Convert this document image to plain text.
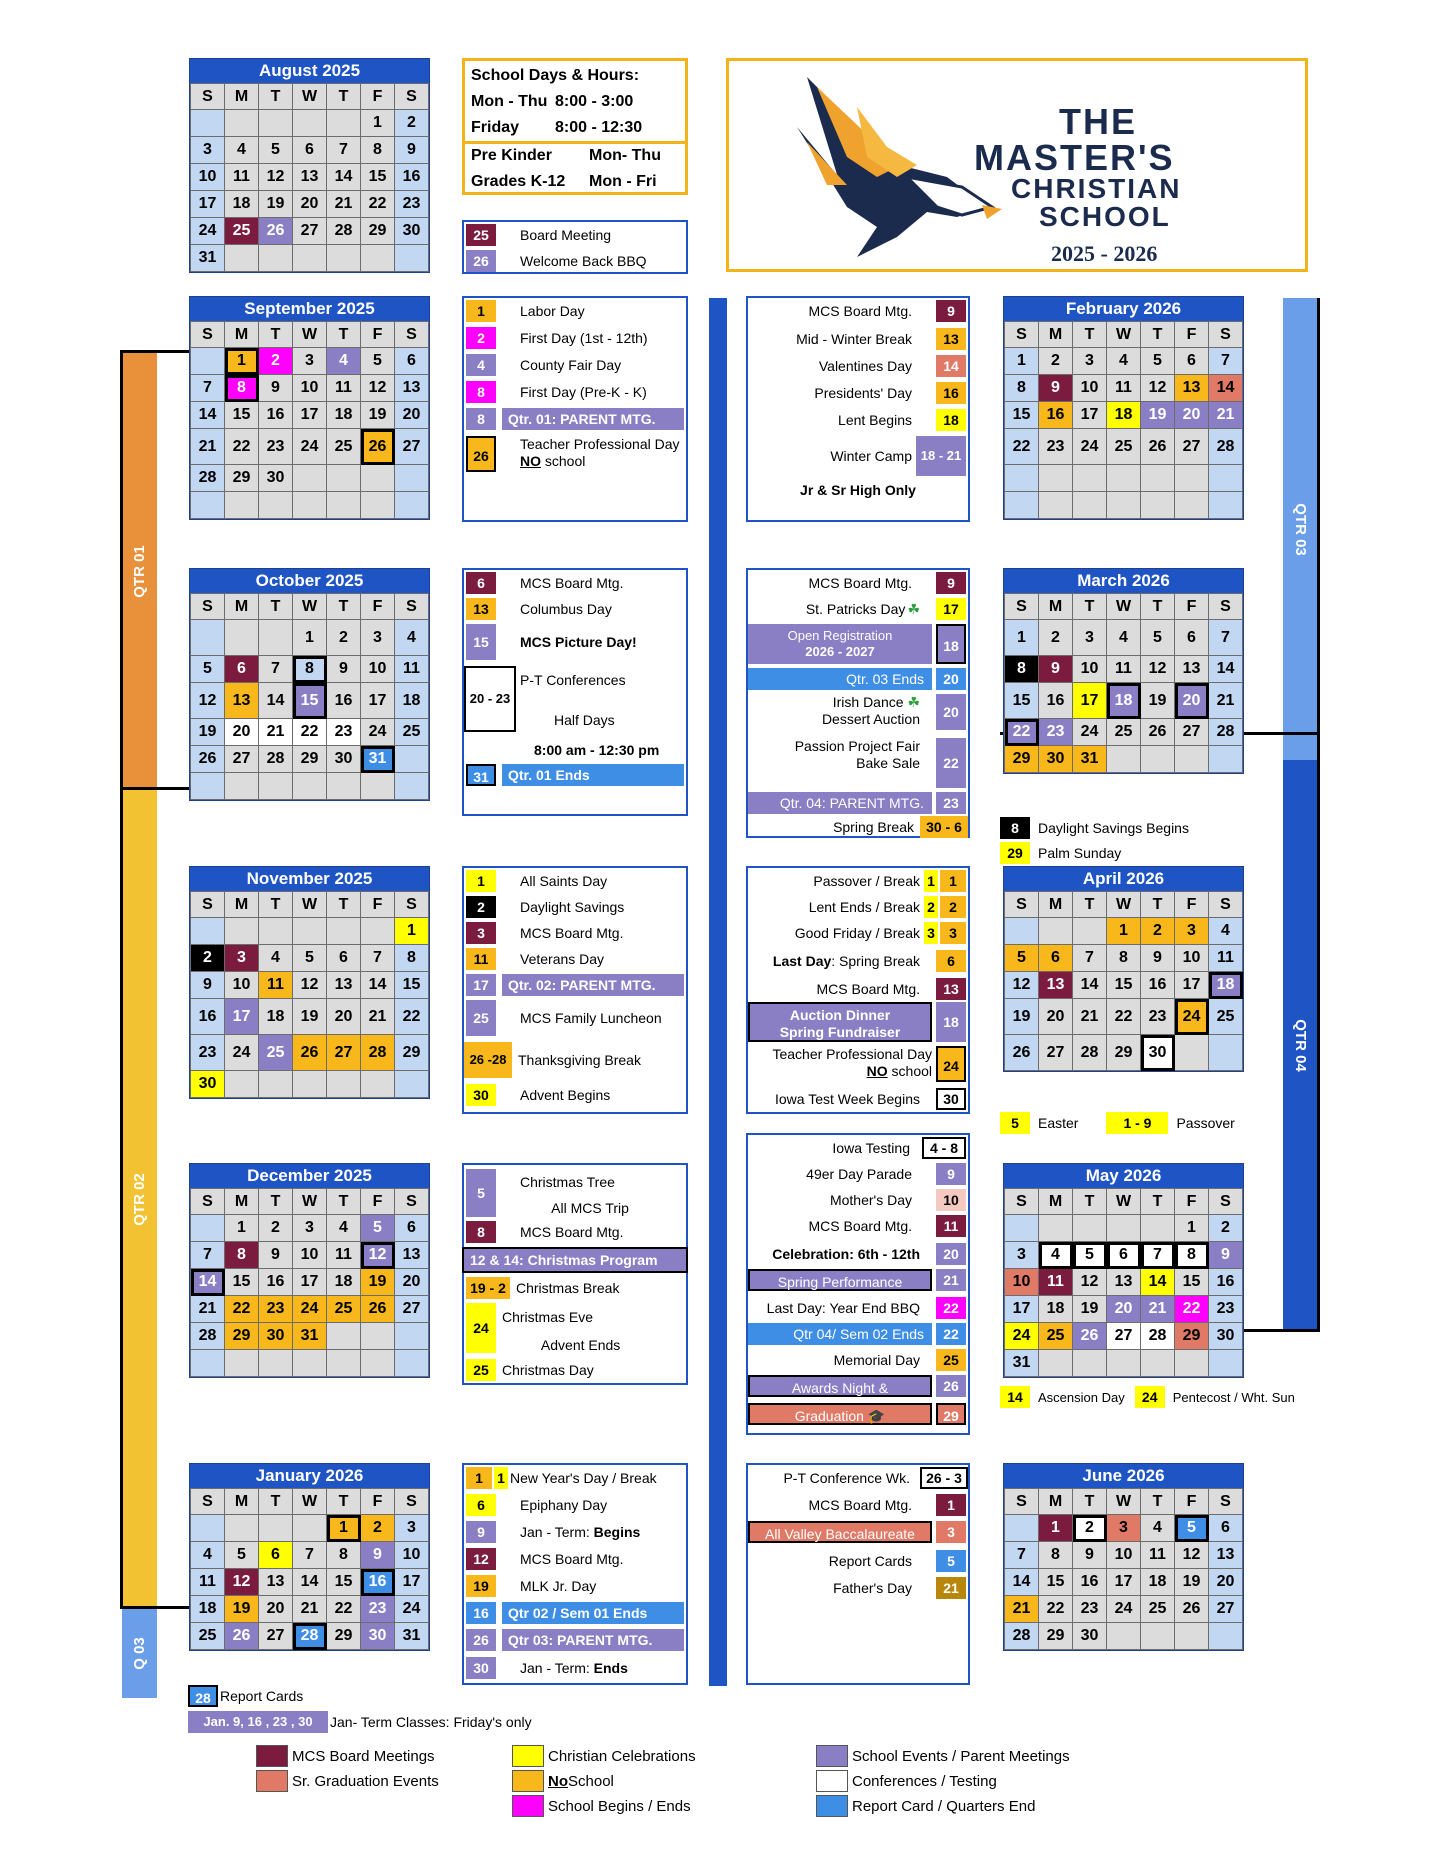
THE
MASTER'S
CHRISTIAN
SCHOOL
2025 - 2026
School Days & Hours:
Mon - Thu 8:00 - 3:00
Friday 8:00 - 12:30
Pre Kinder Mon- Thu
Grades K-12 Mon - Fri
QTR 01
QTR 02
Q 03
QTR 03
QTR 04
August 2025
S	M	T	W	T	F	S
					1	2
3	4	5	6	7	8	9
10	11	12	13	14	15	16
17	18	19	20	21	22	23
24	25	26	27	28	29	30
31						
September 2025
S	M	T	W	T	F	S
	1	2	3	4	5	6
7	8	9	10	11	12	13
14	15	16	17	18	19	20
21	22	23	24	25	26	27
28	29	30				

October 2025
S	M	T	W	T	F	S
			1	2	3	4
5	6	7	8	9	10	11
12	13	14	15	16	17	18
19	20	21	22	23	24	25
26	27	28	29	30	31	

November 2025
S	M	T	W	T	F	S
						1
2	3	4	5	6	7	8
9	10	11	12	13	14	15
16	17	18	19	20	21	22
23	24	25	26	27	28	29
30						
December 2025
S	M	T	W	T	F	S
	1	2	3	4	5	6
7	8	9	10	11	12	13
14	15	16	17	18	19	20
21	22	23	24	25	26	27
28	29	30	31			

January 2026
S	M	T	W	T	F	S
				1	2	3
4	5	6	7	8	9	10
11	12	13	14	15	16	17
18	19	20	21	22	23	24
25	26	27	28	29	30	31
February 2026
S	M	T	W	T	F	S
1	2	3	4	5	6	7
8	9	10	11	12	13	14
15	16	17	18	19	20	21
22	23	24	25	26	27	28

March 2026
S	M	T	W	T	F	S
1	2	3	4	5	6	7
8	9	10	11	12	13	14
15	16	17	18	19	20	21
22	23	24	25	26	27	28
29	30	31				
April 2026
S	M	T	W	T	F	S
			1	2	3	4
5	6	7	8	9	10	11
12	13	14	15	16	17	18
19	20	21	22	23	24	25
26	27	28	29	30		
May 2026
S	M	T	W	T	F	S
					1	2
3	4	5	6	7	8	9
10	11	12	13	14	15	16
17	18	19	20	21	22	23
24	25	26	27	28	29	30
31						
June 2026
S	M	T	W	T	F	S
	1	2	3	4	5	6
7	8	9	10	11	12	13
14	15	16	17	18	19	20
21	22	23	24	25	26	27
28	29	30				
25	Board Meeting
26	Welcome Back BBQ
1	Labor Day
2	First Day (1st - 12th)
4	County Fair Day
8	First Day (Pre-K - K)
8	Qtr. 01: PARENT MTG.
26
Teacher Professional Day
NO school
6	MCS Board Mtg.
13	Columbus Day
15	MCS Picture Day!
20 - 23
P-T Conferences
Half Days
8:00 am - 12:30 pm
31	Qtr. 01 Ends
1	All Saints Day
2	Daylight Savings
3	MCS Board Mtg.
11	Veterans Day
17	Qtr. 02: PARENT MTG.
25	MCS Family Luncheon
26 -28 Thanksgiving Break
30	Advent Begins
5
Christmas Tree
All MCS Trip
8	MCS Board Mtg.
12 & 14: Christmas Program
19 - 2 Christmas Break
24
Christmas Eve
Advent Ends
25 Christmas Day
1	1 New Year's Day / Break
6	Epiphany Day
9	Jan - Term: Begins
12	MCS Board Mtg.
19	MLK Jr. Day
16	Qtr 02 / Sem 01 Ends
26	Qtr 03: PARENT MTG.
30	Jan - Term: Ends
MCS Board Mtg.	9
Mid - Winter Break	13
Valentines Day	14
Presidents' Day	16
Lent Begins	18
Winter Camp 18 - 21
Jr & Sr High Only
MCS Board Mtg.	9
St. Patricks Day ☘	17
Open Registration
2026 - 2027	18
Qtr. 03 Ends	20
Irish Dance ☘
Dessert Auction	20
Passion Project Fair
Bake Sale	22
Qtr. 04: PARENT MTG.	23
Spring Break 30 - 6
Passover / Break 1	1
Lent Ends / Break 2	2
Good Friday / Break 3	3
Last Day: Spring Break	6
MCS Board Mtg.	13
Auction Dinner
Spring Fundraiser
18
Teacher Professional Day
NO school 24
Iowa Test Week Begins	30
Iowa Testing	4 - 8
49er Day Parade	9
Mother's Day	10
MCS Board Mtg.	11
Celebration: 6th - 12th	20
Spring Performance	21
Last Day: Year End BBQ	22
Qtr 04/ Sem 02 Ends	22
Memorial Day	25
Awards Night &	26
Graduation 🎓	29
P-T Conference Wk.	26 - 3
MCS Board Mtg.	1
All Valley Baccalaureate	3
Report Cards	5
Father's Day	21
8	Daylight Savings Begins
29	Palm Sunday
5	Easter	1 - 9	Passover
14	Ascension Day	24	Pentecost / Wht. Sun
28 Report Cards
Jan. 9, 16 , 23 , 30	Jan- Term Classes: Friday's only
MCS Board Meetings
Sr. Graduation Events
Christian Celebrations
No School
School Begins / Ends
School Events / Parent Meetings
Conferences / Testing
Report Card / Quarters End
